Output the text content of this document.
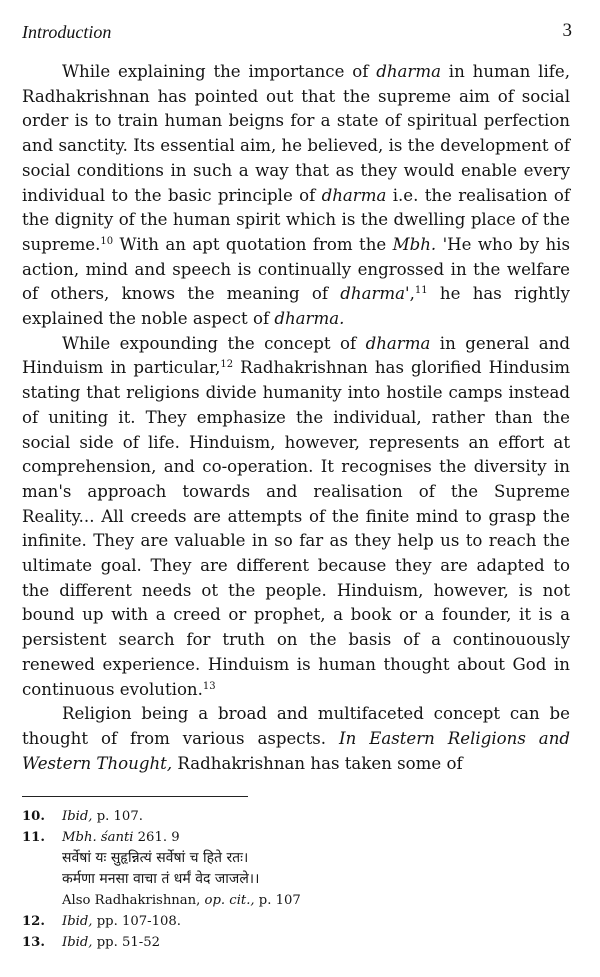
Introduction	3

While explaining the importance of dharma in human life, Radhakrishnan has pointed out that the supreme aim of social order is to train human beigns for a state of spiritual perfection and sanctity. Its essential aim, he believed, is the development of social conditions in such a way that as they would enable every individual to the basic principle of dharma i.e. the realisation of the dignity of the human spirit which is the dwelling place of the supreme.$^{10}$ With an apt quotation from the Mbh. 'He who by his action, mind and speech is continually engrossed in the welfare of others, knows the meaning of dharma',$^{11}$ he has rightly explained the noble aspect of dharma.

While expounding the concept of dharma in general and Hinduism in particular,$^{12}$ Radhakrishnan has glorified Hindusim stating that religions divide humanity into hostile camps instead of uniting it. They emphasize the individual, rather than the social side of life. Hinduism, however, represents an effort at comprehension, and co-operation. It recognises the diversity in man's approach towards and realisation of the Supreme Reality... All creeds are attempts of the finite mind to grasp the infinite. They are valuable in so far as they help us to reach the ultimate goal. They are different because they are adapted to the different needs ot the people. Hinduism, however, is not bound up with a creed or prophet, a book or a founder, it is a persistent search for truth on the basis of a continouously renewed experience. Hinduism is human thought about God in continuous evolution.$^{13}$

Religion being a broad and multifaceted concept can be thought of from various aspects. In Eastern Religions and Western Thought, Radhakrishnan has taken some of

10.	Ibid, p. 107.
11.	Mbh. śanti 261. 9
सर्वेषां यः सुहृन्नित्यं सर्वेषां च हिते रतः।
कर्मणा मनसा वाचा तं धर्मं वेद जाजले।।
Also Radhakrishnan, op. cit., p. 107
12.	Ibid, pp. 107-108.
13.	Ibid, pp. 51-52
